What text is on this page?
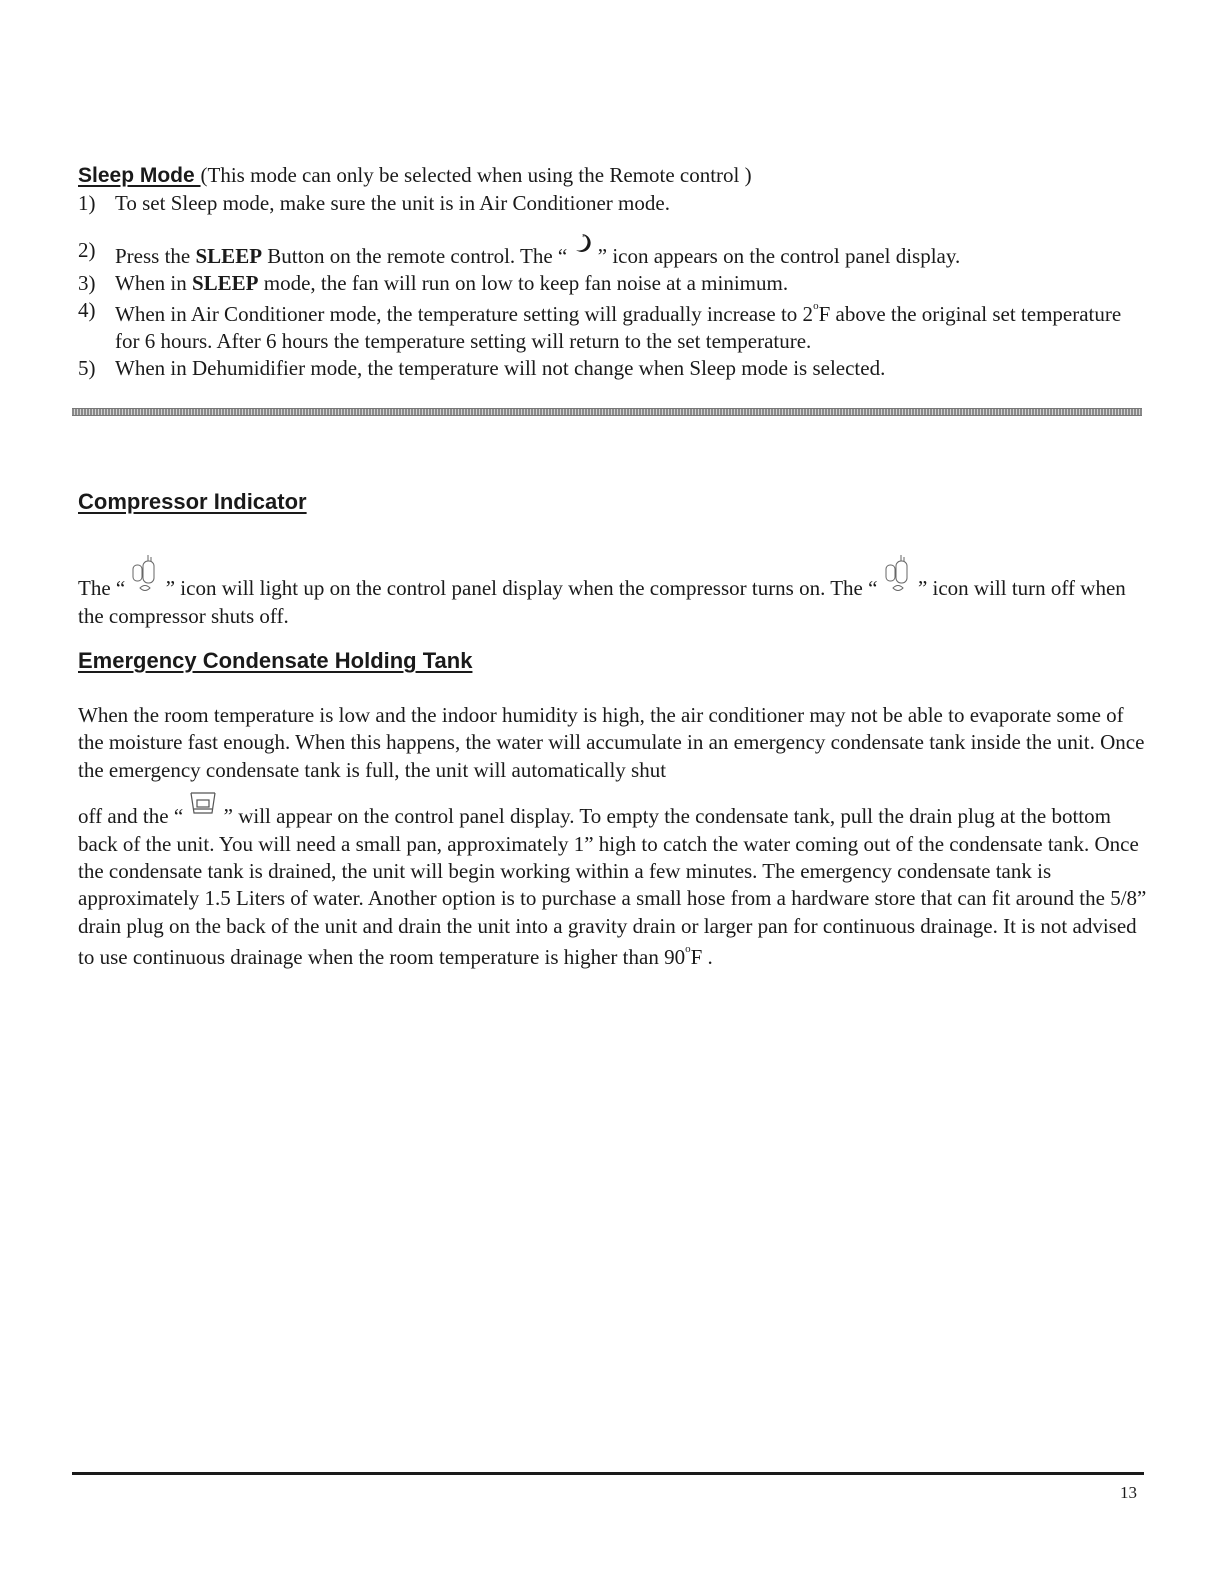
Sleep Mode (This mode can only be selected when using the Remote control )
1) To set Sleep mode, make sure the unit is in Air Conditioner mode.
2) Press the SLEEP Button on the remote control. The “
*
” icon appears on the control panel display.
3) When in SLEEP mode, the fan will run on low to keep fan noise at a minimum.
4) When in Air Conditioner mode, the temperature setting will gradually increase to 2$^o$F above the original set temperature for 6 hours. After 6 hours the temperature setting will return to the set temperature.
5) When in Dehumidifier mode, the temperature will not change when Sleep mode is selected.
Compressor Indicator
The “  ” icon will light up on the control panel display when the compressor turns on. The “  ” icon will turn off when the compressor shuts off.
Emergency Condensate Holding Tank
When the room temperature is low and the indoor humidity is high, the air conditioner may not be able to evaporate some of the moisture fast enough. When this happens, the water will accumulate in an emergency condensate tank inside the unit. Once the emergency condensate tank is full, the unit will automatically shut
off and the “  ” will appear on the control panel display. To empty the condensate tank, pull the drain plug at the bottom back of the unit. You will need a small pan, approximately 1” high to catch the water coming out of the condensate tank. Once the condensate tank is drained, the unit will begin working within a few minutes. The emergency condensate tank is approximately 1.5 Liters of water. Another option is to purchase a small hose from a hardware store that can fit around the 5/8” drain plug on the back of the unit and drain the unit into a gravity drain or larger pan for continuous drainage. It is not advised to use continuous drainage when the room temperature is higher than 90$^o$F .
13
